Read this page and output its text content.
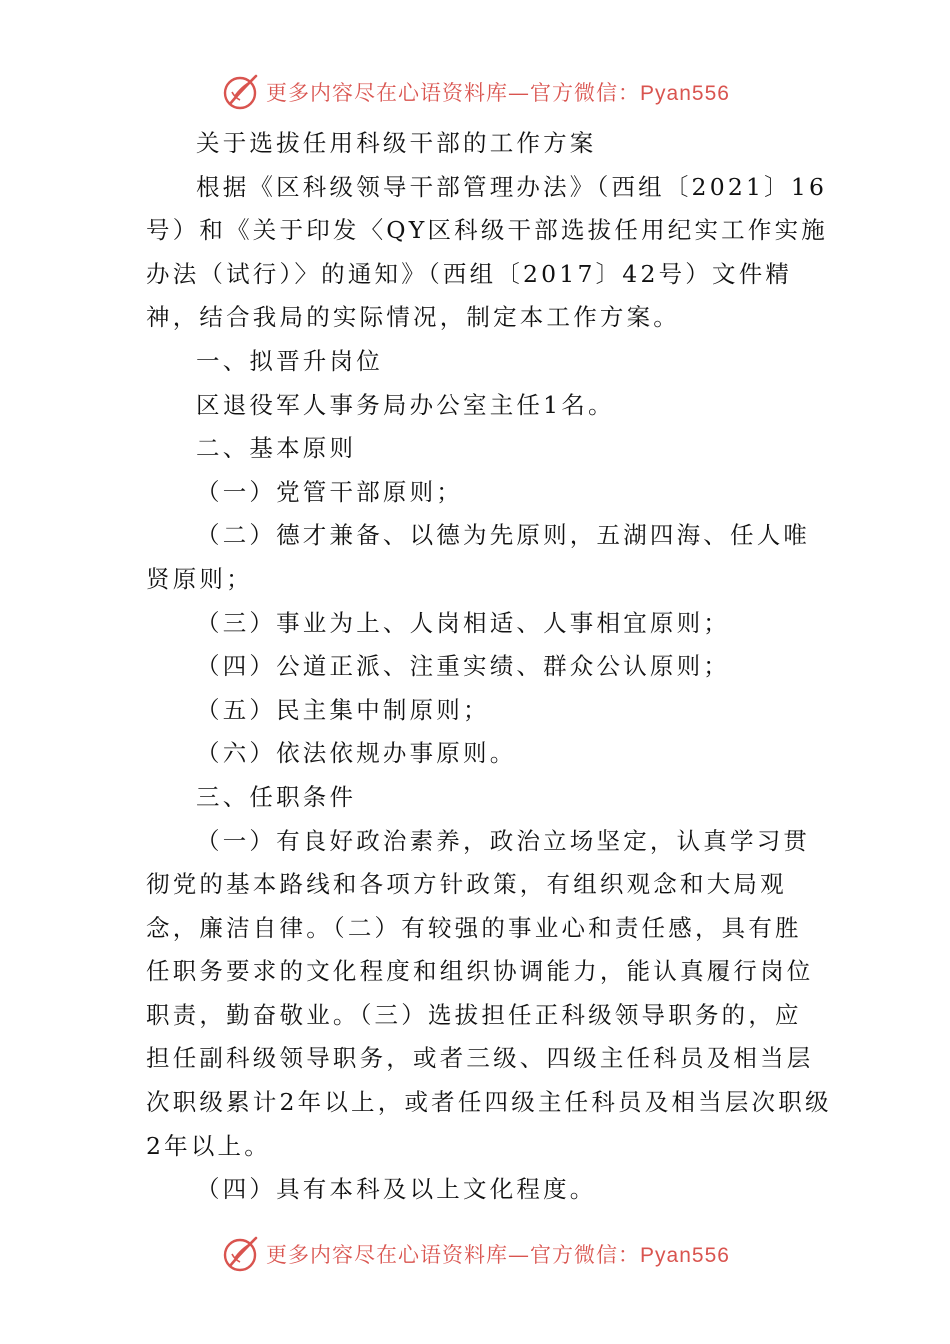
更多内容尽在心语资料库—官方微信：Pyan556
关于选拔任用科级干部的工作方案
根据《区科级领导干部管理办法》（西组〔2021〕16
号）和《关于印发〈QY区科级干部选拔任用纪实工作实施
办法（试行）〉的通知》（西组〔2017〕42号）文件精
神，结合我局的实际情况，制定本工作方案。
一、拟晋升岗位
区退役军人事务局办公室主任1名。
二、基本原则
（一）党管干部原则；
（二）德才兼备、以德为先原则，五湖四海、任人唯
贤原则；
（三）事业为上、人岗相适、人事相宜原则；
（四）公道正派、注重实绩、群众公认原则；
（五）民主集中制原则；
（六）依法依规办事原则。
三、任职条件
（一）有良好政治素养，政治立场坚定，认真学习贯
彻党的基本路线和各项方针政策，有组织观念和大局观
念，廉洁自律。（二）有较强的事业心和责任感，具有胜
任职务要求的文化程度和组织协调能力，能认真履行岗位
职责，勤奋敬业。（三）选拔担任正科级领导职务的，应
担任副科级领导职务，或者三级、四级主任科员及相当层
次职级累计2年以上，或者任四级主任科员及相当层次职级
2年以上。
（四）具有本科及以上文化程度。
更多内容尽在心语资料库—官方微信：Pyan556
